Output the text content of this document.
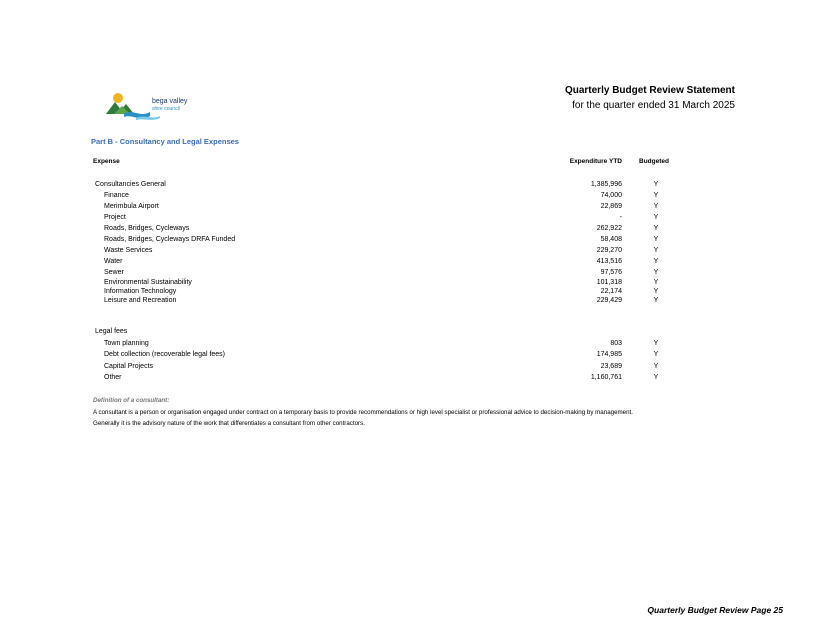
bega valley
shire council
Quarterly Budget Review Statement
for the quarter ended 31 March 2025
Part B - Consultancy and Legal Expenses
Expense	Expenditure YTD	Budgeted
Consultancies General	1,385,996	Y
Finance	74,000	Y
Merimbula Airport	22,869	Y
Project	-	Y
Roads, Bridges, Cycleways	262,922	Y
Roads, Bridges, Cycleways DRFA Funded	58,408	Y
Waste Services	229,270	Y
Water	413,516	Y
Sewer	97,576	Y
Environmental Sustainability	101,318	Y
Information Technology	22,174	Y
Leisure and Recreation	229,429	Y
Legal fees
Town planning	803	Y
Debt collection (recoverable legal fees)	174,985	Y
Capital Projects	23,689	Y
Other	1,160,761	Y
Definition of a consultant:
A consultant is a person or organisation engaged under contract on a temporary basis to provide recommendations or high level specialist or professional advice to decision-making by management. Generally it is the advisory nature of the work that differentiates a consultant from other contractors.
Quarterly Budget Review Page 25
